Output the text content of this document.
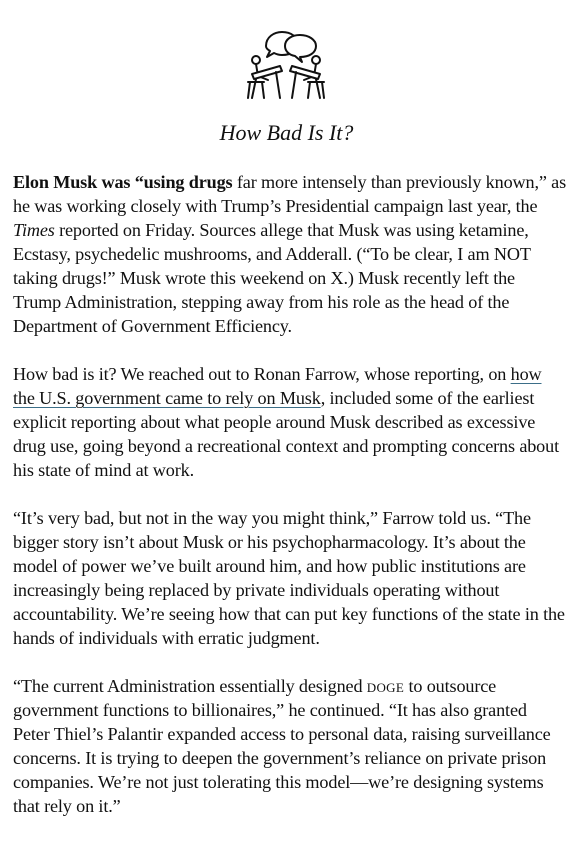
How Bad Is It?

Elon Musk was “using drugs far more intensely than previously known,” as he was working closely with Trump’s Presidential campaign last year, the Times reported on Friday. Sources allege that Musk was using ketamine, Ecstasy, psychedelic mushrooms, and Adderall. (“To be clear, I am NOT taking drugs!” Musk wrote this weekend on X.) Musk recently left the Trump Administration, stepping away from his role as the head of the Department of Government Efficiency.

How bad is it? We reached out to Ronan Farrow, whose reporting, on how the U.S. government came to rely on Musk, included some of the earliest explicit reporting about what people around Musk described as excessive drug use, going beyond a recreational context and prompting concerns about his state of mind at work.

“It’s very bad, but not in the way you might think,” Farrow told us. “The bigger story isn’t about Musk or his psychopharmacology. It’s about the model of power we’ve built around him, and how public institutions are increasingly being replaced by private individuals operating without accountability. We’re seeing how that can put key functions of the state in the hands of individuals with erratic judgment.

“The current Administration essentially designed doge to outsource government functions to billionaires,” he continued. “It has also granted Peter Thiel’s Palantir expanded access to personal data, raising surveillance concerns. It is trying to deepen the government’s reliance on private prison companies. We’re not just tolerating this model—we’re designing systems that rely on it.”
